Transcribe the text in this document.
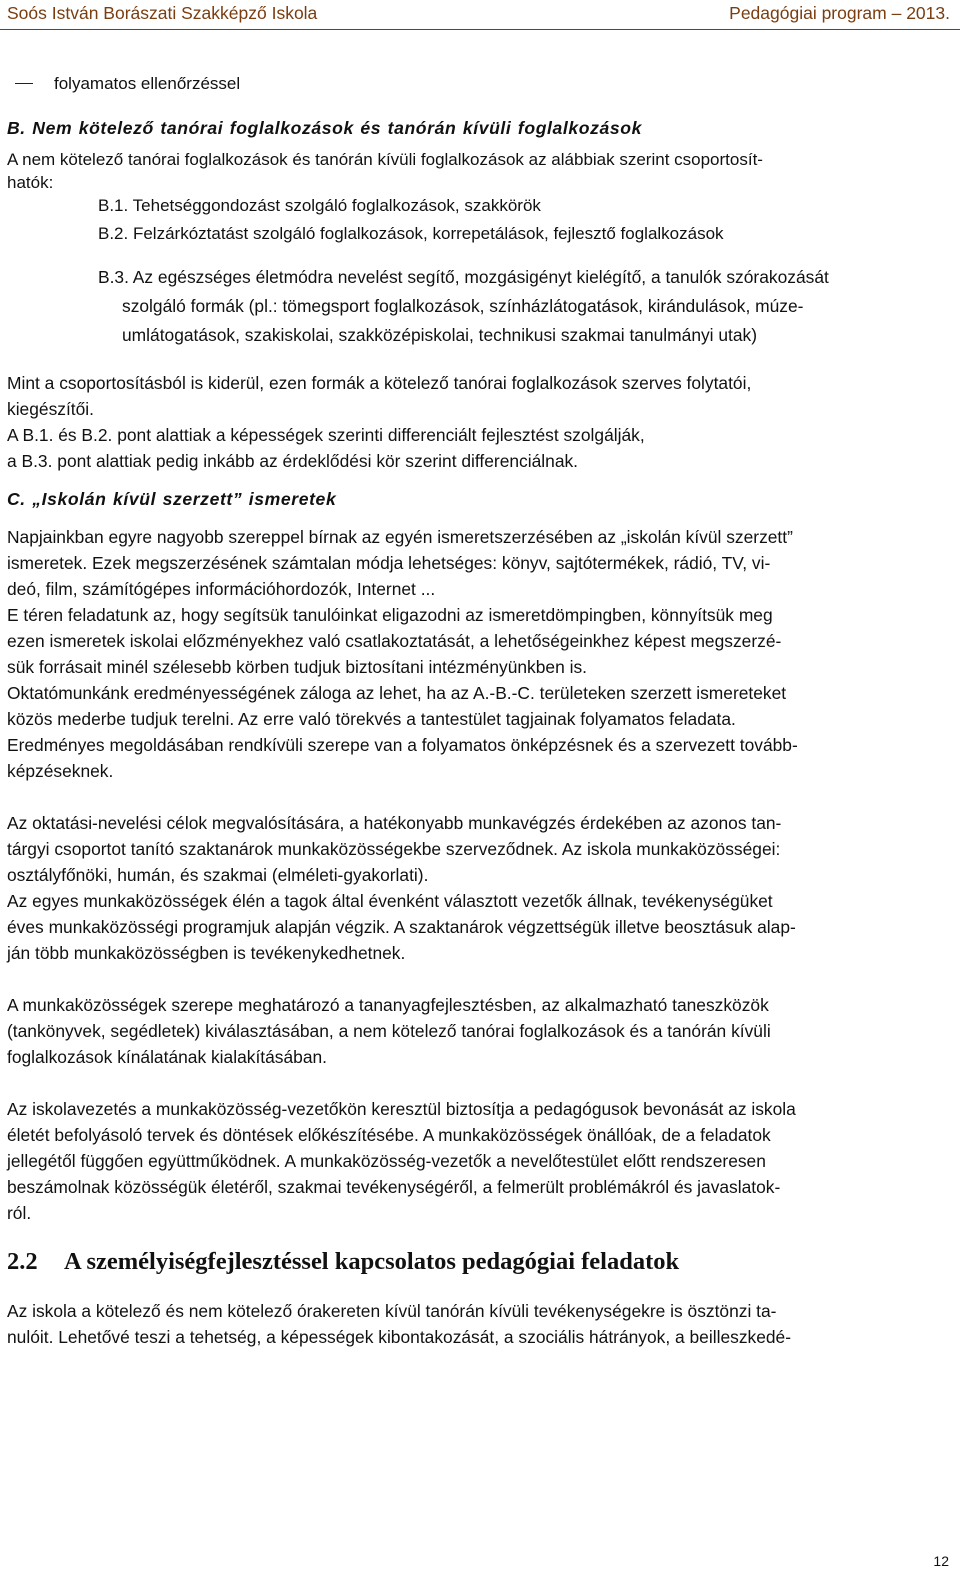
Soós István Borászati Szakképző Iskola	Pedagógiai program – 2013.

folyamatos ellenőrzéssel

B. Nem kötelező tanórai foglalkozások és tanórán kívüli foglalkozások

A nem kötelező tanórai foglalkozások és tanórán kívüli foglalkozások az alábbiak szerint csoportosít-

hatók:

B.1. Tehetséggondozást szolgáló foglalkozások, szakkörök

B.2. Felzárkóztatást szolgáló foglalkozások, korrepetálások, fejlesztő foglalkozások

B.3. Az egészséges életmódra nevelést segítő, mozgásigényt kielégítő, a tanulók szórakozását

szolgáló formák (pl.: tömegsport foglalkozások, színházlátogatások, kirándulások, múze-

umlátogatások, szakiskolai, szakközépiskolai, technikusi szakmai tanulmányi utak)

Mint a csoportosításból is kiderül, ezen formák a kötelező tanórai foglalkozások szerves folytatói,

kiegészítői.

A B.1. és B.2. pont alattiak a képességek szerinti differenciált fejlesztést szolgálják,

a B.3. pont alattiak pedig inkább az érdeklődési kör szerint differenciálnak.

C. „Iskolán kívül szerzett” ismeretek

Napjainkban egyre nagyobb szereppel bírnak az egyén ismeretszerzésében az „iskolán kívül szerzett”

ismeretek. Ezek megszerzésének számtalan módja lehetséges: könyv, sajtótermékek, rádió, TV, vi-

deó, film, számítógépes információhordozók, Internet ...

E téren feladatunk az, hogy segítsük tanulóinkat eligazodni az ismeretdömpingben, könnyítsük meg

ezen ismeretek iskolai előzményekhez való csatlakoztatását, a lehetőségeinkhez képest megszerzé-

sük forrásait minél szélesebb körben tudjuk biztosítani intézményünkben is.

Oktatómunkánk eredményességének záloga az lehet, ha az A.-B.-C. területeken szerzett ismereteket

közös mederbe tudjuk terelni. Az erre való törekvés a tantestület tagjainak folyamatos feladata.

Eredményes megoldásában rendkívüli szerepe van a folyamatos önképzésnek és a szervezett tovább-

képzéseknek.

Az oktatási-nevelési célok megvalósítására, a hatékonyabb munkavégzés érdekében az azonos tan-

tárgyi csoportot tanító szaktanárok munkaközösségekbe szerveződnek. Az iskola munkaközösségei:

osztályfőnöki, humán, és szakmai (elméleti-gyakorlati).

Az egyes munkaközösségek élén a tagok által évenként választott vezetők állnak, tevékenységüket

éves munkaközösségi programjuk alapján végzik. A szaktanárok végzettségük illetve beosztásuk alap-

ján több munkaközösségben is tevékenykedhetnek.

A munkaközösségek szerepe meghatározó a tananyagfejlesztésben, az alkalmazható taneszközök

(tankönyvek, segédletek) kiválasztásában, a nem kötelező tanórai foglalkozások és a tanórán kívüli

foglalkozások kínálatának kialakításában.

Az iskolavezetés a munkaközösség-vezetőkön keresztül biztosítja a pedagógusok bevonását az iskola

életét befolyásoló tervek és döntések előkészítésébe. A munkaközösségek önállóak, de a feladatok

jellegétől függően együttműködnek. A munkaközösség-vezetők a nevelőtestület előtt rendszeresen

beszámolnak közösségük életéről, szakmai tevékenységéről, a felmerült problémákról és javaslatok-

ról.

2.2 A személyiségfejlesztéssel kapcsolatos pedagógiai feladatok

Az iskola a kötelező és nem kötelező órakereten kívül tanórán kívüli tevékenységekre is ösztönzi ta-

nulóit. Lehetővé teszi a tehetség, a képességek kibontakozását, a szociális hátrányok, a beilleszkedé-

12
